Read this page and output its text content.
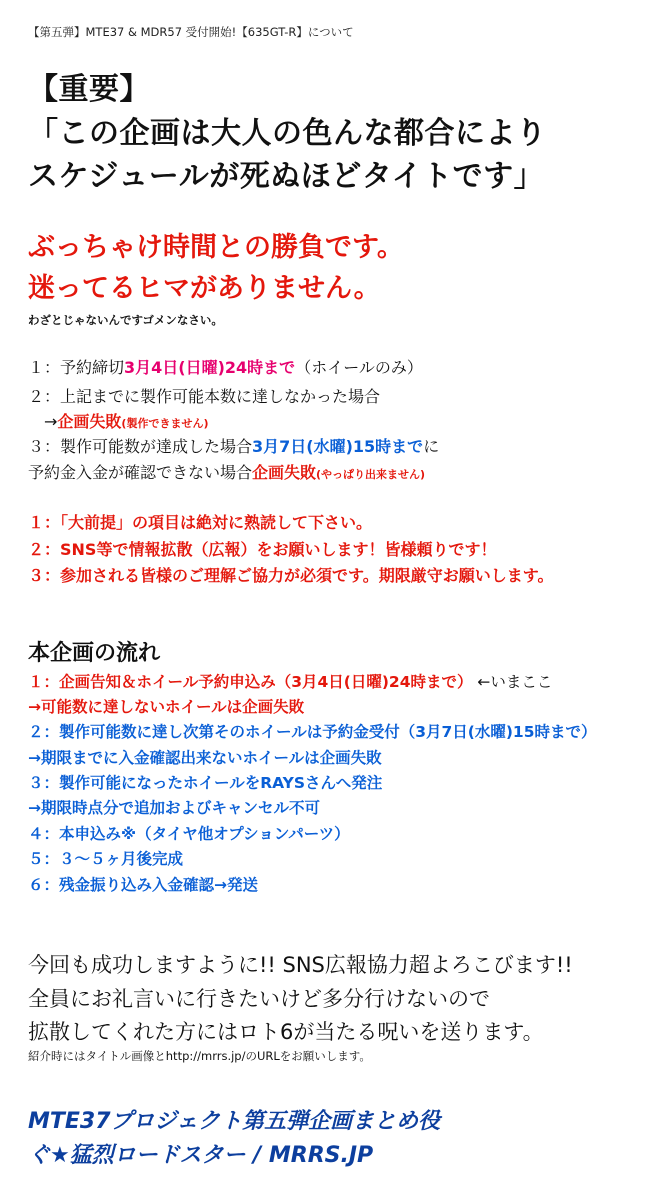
【第五弾】MTE37 & MDR57 受付開始!【635GT-R】について
【重要】
「この企画は大人の色んな都合により
スケジュールが死ぬほどタイトです」
ぶっちゃけ時間との勝負です。
迷ってるヒマがありません。
わざとじゃないんですゴメンなさい。
１：予約締切3月4日(日曜)24時まで（ホイールのみ）
２：上記までに製作可能本数に達しなかった場合
→企画失敗(製作できません)
３：製作可能数が達成した場合3月7日(水曜)15時までに
予約金入金が確認できない場合企画失敗(やっぱり出来ません)
１：「大前提」の項目は絶対に熟読して下さい。
２：SNS等で情報拡散（広報）をお願いします！皆様頼りです！
３：参加される皆様のご理解ご協力が必須です。期限厳守お願いします。
本企画の流れ
１：企画告知＆ホイール予約申込み（3月4日(日曜)24時まで） ←いまここ
→可能数に達しないホイールは企画失敗
２：製作可能数に達し次第そのホイールは予約金受付（3月7日(水曜)15時まで）
→期限までに入金確認出来ないホイールは企画失敗
３：製作可能になったホイールをRAYSさんへ発注
→期限時点分で追加およびキャンセル不可
４：本申込み※（タイヤ他オプションパーツ）
５：３～５ヶ月後完成
６：残金振り込み入金確認→発送
今回も成功しますように!! SNS広報協力超よろこびます!!
全員にお礼言いに行きたいけど多分行けないので
拡散してくれた方にはロト6が当たる呪いを送ります。
紹介時にはタイトル画像とhttp://mrrs.jp/のURLをお願いします。
MTE37プロジェクト第五弾企画まとめ役
ぐ★猛烈ロードスター / MRRS.JP
